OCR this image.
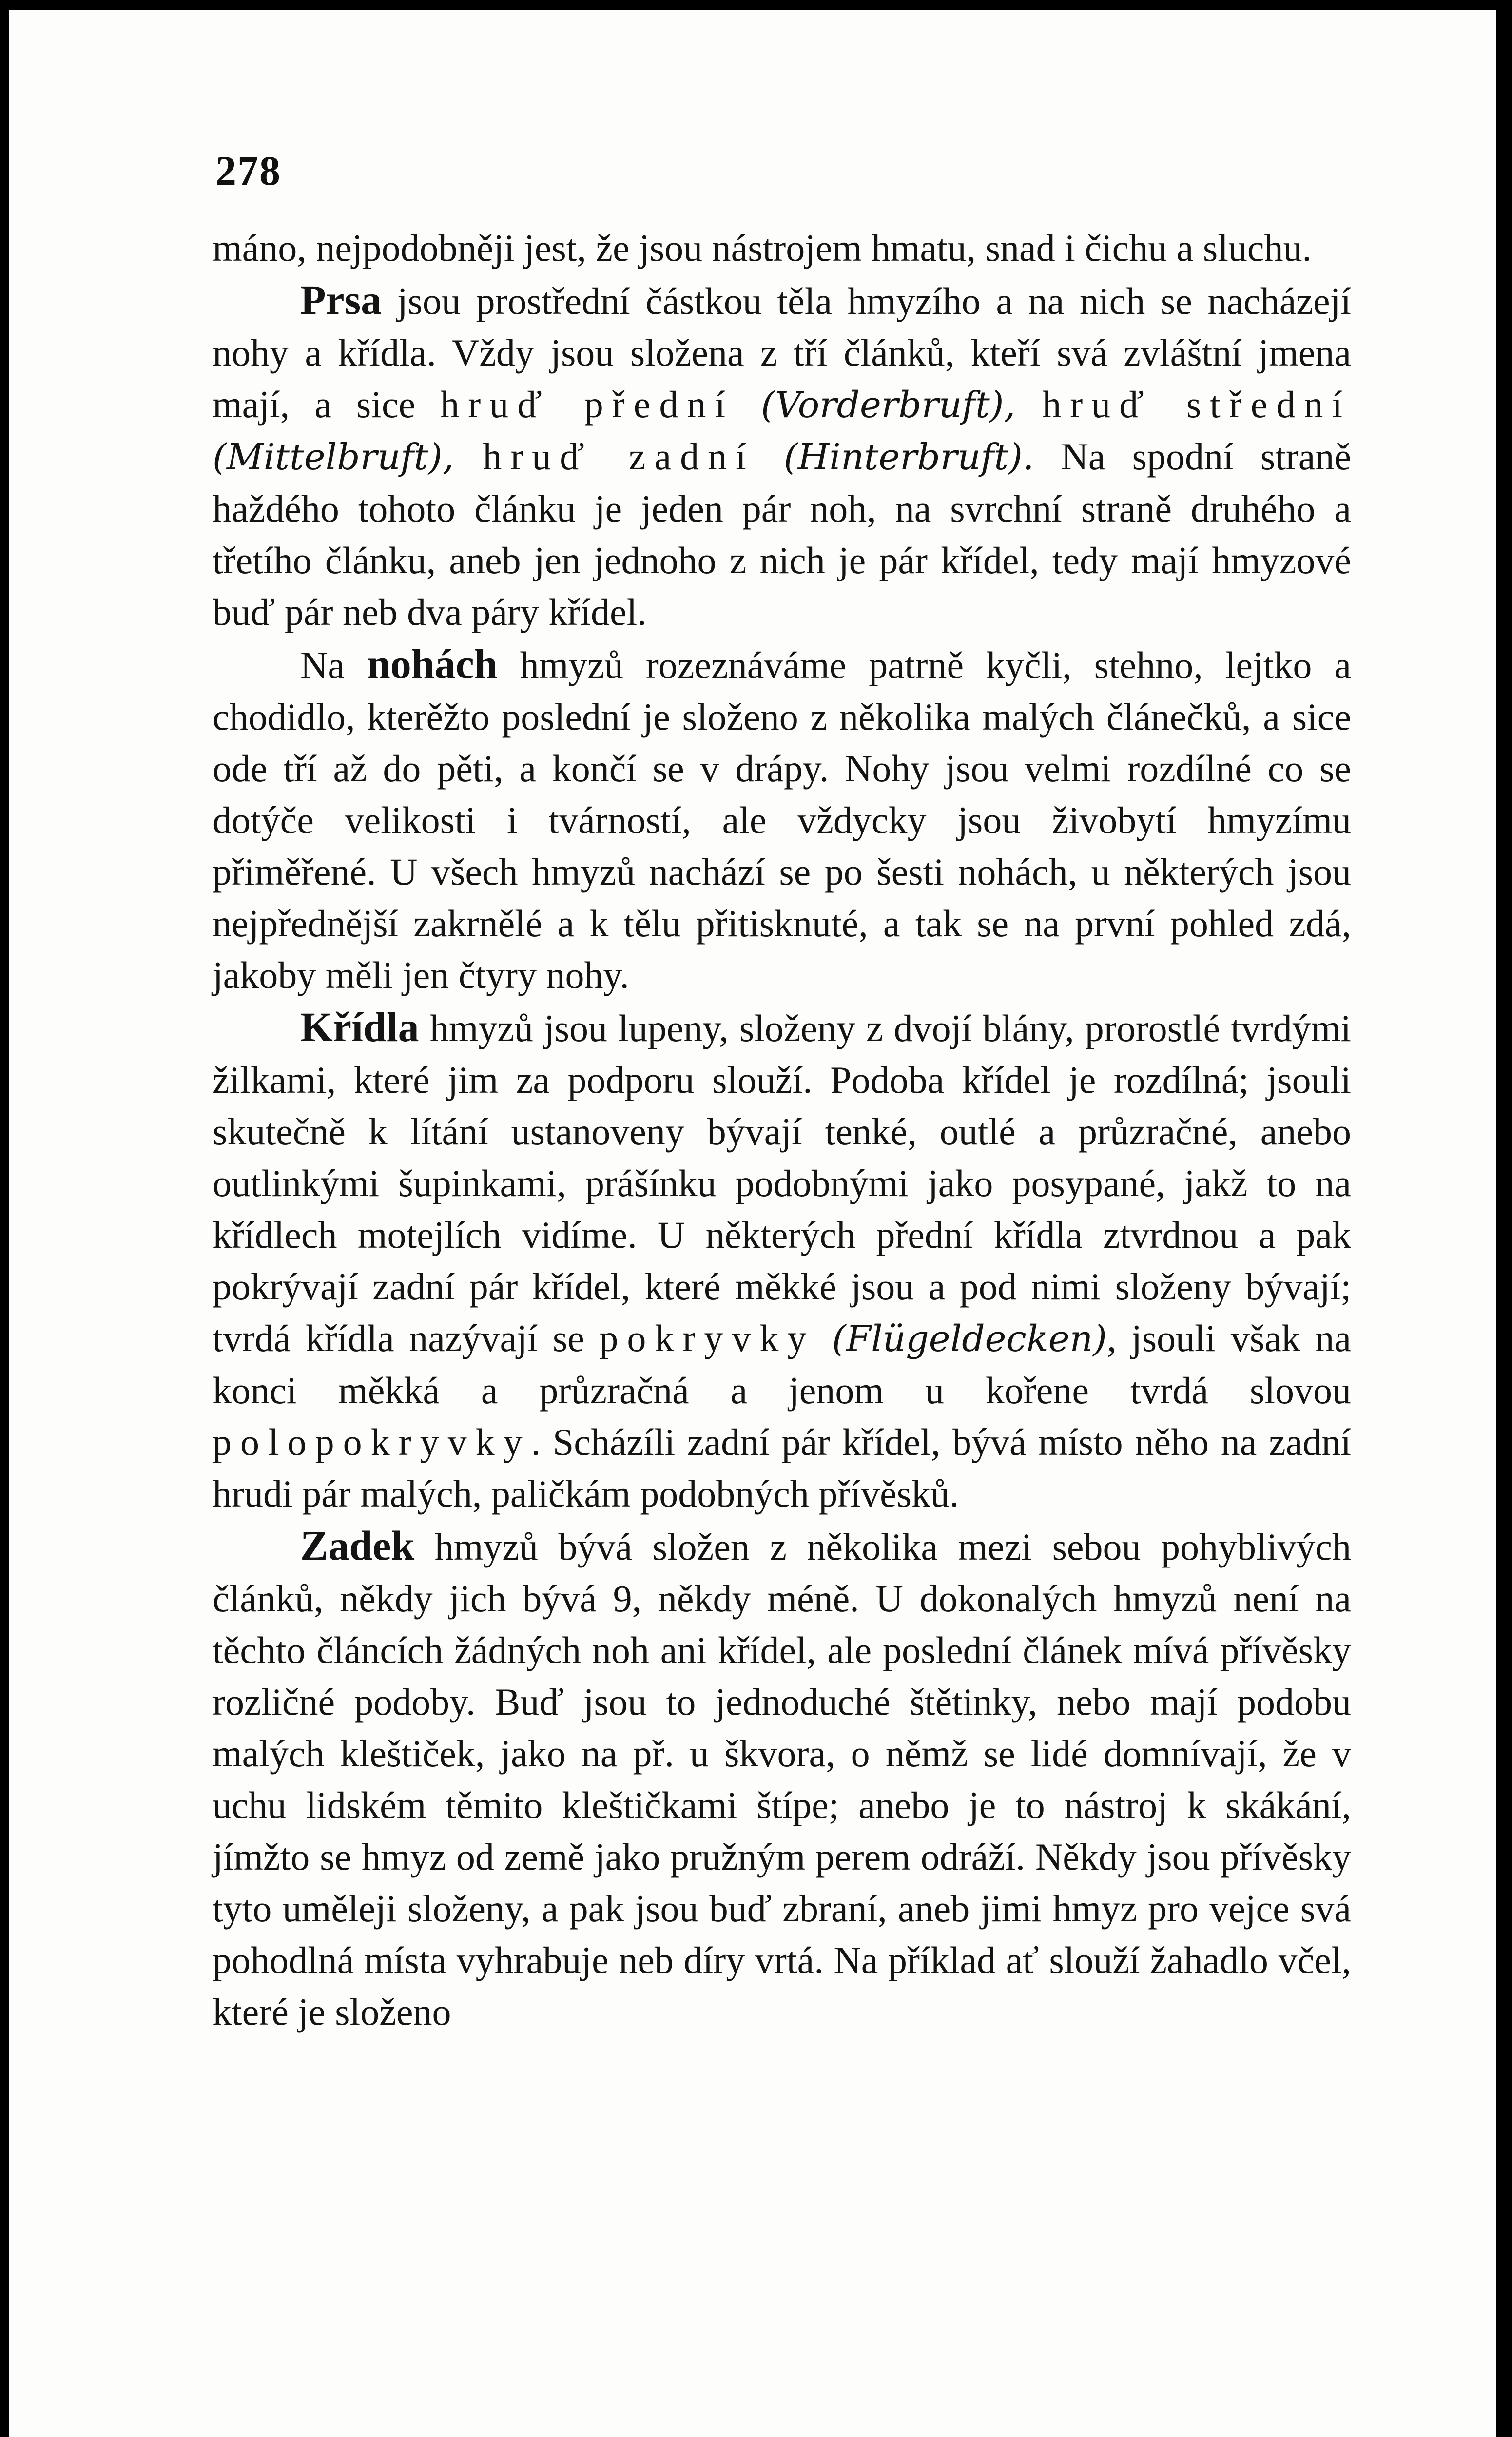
278

máno, nejpodobněji jest, že jsou nástrojem hmatu, snad i čichu a sluchu.

Prsa jsou prostřední částkou těla hmyzího a na nich se nacházejí nohy a křídla. Vždy jsou složena z tří článků, kteří svá zvláštní jmena mají, a sice hruď přední (Vorderbruft), hruď střední (Mittelbruft), hruď zadní (Hinterbruft). Na spodní straně haždého tohoto článku je jeden pár noh, na svrchní straně druhého a třetího článku, aneb jen jednoho z nich je pár křídel, tedy mají hmyzové buď pár neb dva páry křídel.

Na nohách hmyzů rozeznáváme patrně kyčli, stehno, lejtko a chodidlo, kterěžto poslední je složeno z několika malých článečků, a sice ode tří až do pěti, a končí se v drápy. Nohy jsou velmi rozdílné co se dotýče velikosti i tvárností, ale vždycky jsou živobytí hmyzímu přiměřené. U všech hmyzů nachází se po šesti nohách, u některých jsou nejpřednější zakrnělé a k tělu přitisknuté, a tak se na první pohled zdá, jakoby měli jen čtyry nohy.

Křídla hmyzů jsou lupeny, složeny z dvojí blány, prorostlé tvrdými žilkami, které jim za podporu slouží. Podoba křídel je rozdílná; jsouli skutečně k lítání ustanoveny bývají tenké, outlé a průzračné, anebo outlinkými šupinkami, prášínku podobnými jako posypané, jakž to na křídlech motejlích vidíme. U některých přední křídla ztvrdnou a pak pokrývají zadní pár křídel, které měkké jsou a pod nimi složeny bývají; tvrdá křídla nazývají se pokryvky (Flügeldecken), jsouli však na konci měkká a průzračná a jenom u kořene tvrdá slovou polopokryvky. Scházíli zadní pár křídel, bývá místo něho na zadní hrudi pár malých, paličkám podobných přívěsků.

Zadek hmyzů bývá složen z několika mezi sebou pohyblivých článků, někdy jich bývá 9, někdy méně. U dokonalých hmyzů není na těchto článcích žádných noh ani křídel, ale poslední článek mívá přívěsky rozličné podoby. Buď jsou to jednoduché štětinky, nebo mají podobu malých kleštiček, jako na př. u škvora, o němž se lidé domnívají, že v uchu lidském těmito kleštičkami štípe; anebo je to nástroj k skákání, jímžto se hmyz od země jako pružným perem odráží. Někdy jsou přívěsky tyto uměleji složeny, a pak jsou buď zbraní, aneb jimi hmyz pro vejce svá pohodlná místa vyhrabuje neb díry vrtá. Na příklad ať slouží žahadlo včel, které je složeno
